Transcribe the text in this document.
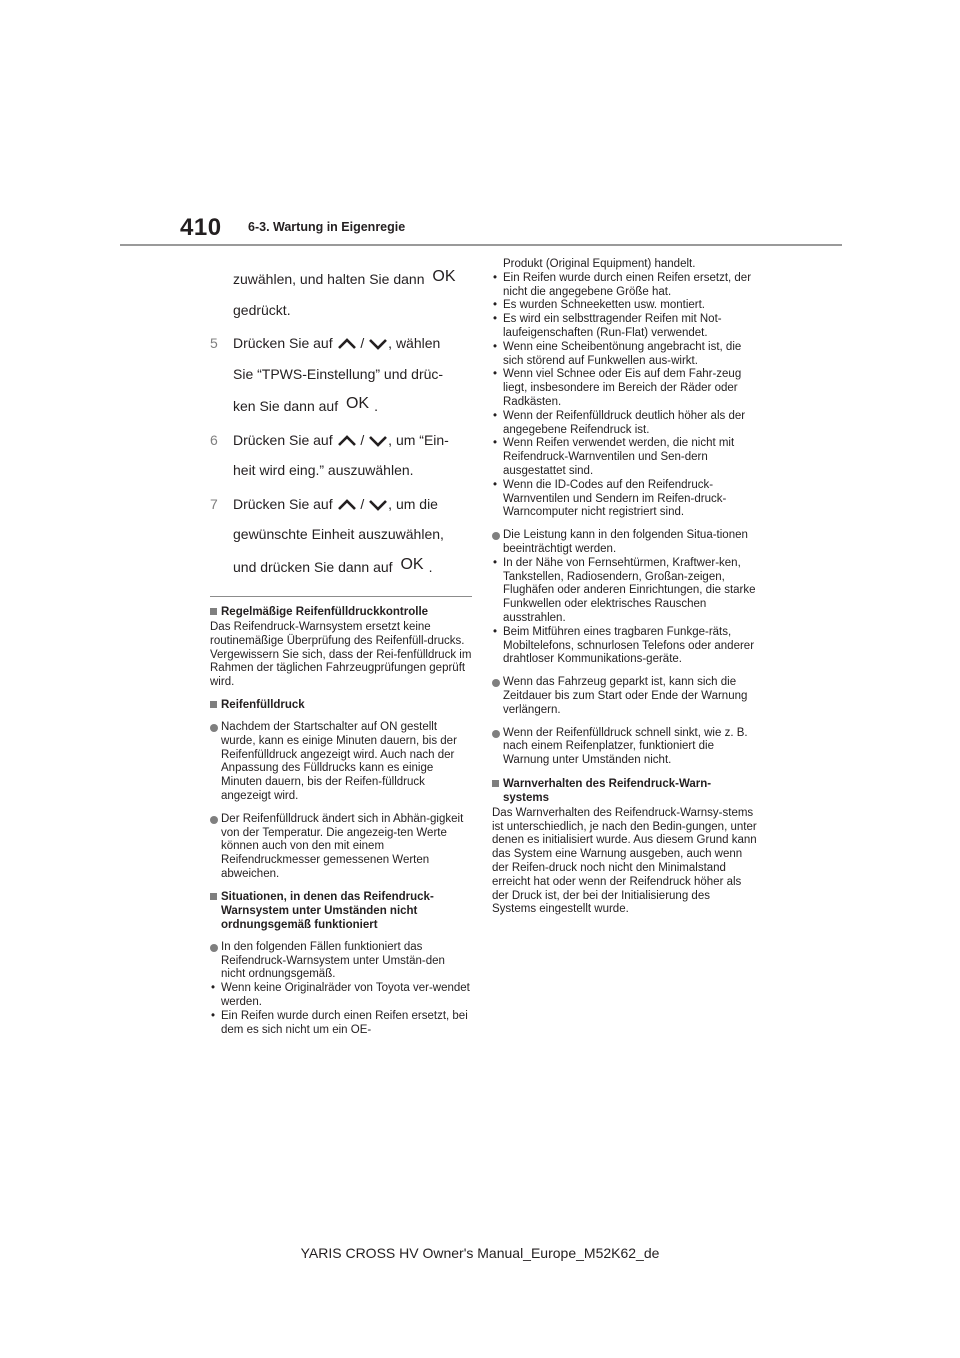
410 6-3. Wartung in Eigenregie

zuwählen, und halten Sie dann OK

gedrückt.

5 Drücken Sie auf / , wählen

Sie “TPWS-Einstellung” und drüc-

ken Sie dann auf OK .

6 Drücken Sie auf / , um “Ein-

heit wird eing.” auszuwählen.

7 Drücken Sie auf / , um die

gewünschte Einheit auszuwählen,

und drücken Sie dann auf OK .

Regelmäßige Reifenfülldruckkontrolle
Das Reifendruck-Warnsystem ersetzt keine routinemäßige Überprüfung des Reifenfüll-drucks. Vergewissern Sie sich, dass der Rei-fenfülldruck im Rahmen der täglichen Fahrzeugprüfungen geprüft wird.
Reifenfülldruck
Nachdem der Startschalter auf ON gestellt wurde, kann es einige Minuten dauern, bis der Reifenfülldruck angezeigt wird. Auch nach der Anpassung des Fülldrucks kann es einige Minuten dauern, bis der Reifen-fülldruck angezeigt wird.
Der Reifenfülldruck ändert sich in Abhän-gigkeit von der Temperatur. Die angezeig-ten Werte können auch von den mit einem Reifendruckmesser gemessenen Werten abweichen.
Situationen, in denen das Reifendruck-Warnsystem unter Umständen nicht ordnungsgemäß funktioniert
In den folgenden Fällen funktioniert das Reifendruck-Warnsystem unter Umstän-den nicht ordnungsgemäß.
• Wenn keine Originalräder von Toyota ver-wendet werden.
• Ein Reifen wurde durch einen Reifen ersetzt, bei dem es sich nicht um ein OE-
Produkt (Original Equipment) handelt.
• Ein Reifen wurde durch einen Reifen ersetzt, der nicht die angegebene Größe hat.
• Es wurden Schneeketten usw. montiert.
• Es wird ein selbsttragender Reifen mit Not-laufeigenschaften (Run-Flat) verwendet.
• Wenn eine Scheibentönung angebracht ist, die sich störend auf Funkwellen aus-wirkt.
• Wenn viel Schnee oder Eis auf dem Fahr-zeug liegt, insbesondere im Bereich der Räder oder Radkästen.
• Wenn der Reifenfülldruck deutlich höher als der angegebene Reifendruck ist.
• Wenn Reifen verwendet werden, die nicht mit Reifendruck-Warnventilen und Sen-dern ausgestattet sind.
• Wenn die ID-Codes auf den Reifendruck-Warnventilen und Sendern im Reifen-druck-Warncomputer nicht registriert sind.
Die Leistung kann in den folgenden Situa-tionen beeinträchtigt werden.
• In der Nähe von Fernsehtürmen, Kraftwer-ken, Tankstellen, Radiosendern, Großan-zeigen, Flughäfen oder anderen Einrichtungen, die starke Funkwellen oder elektrisches Rauschen ausstrahlen.
• Beim Mitführen eines tragbaren Funkge-räts, Mobiltelefons, schnurlosen Telefons oder anderer drahtloser Kommunikations-geräte.
Wenn das Fahrzeug geparkt ist, kann sich die Zeitdauer bis zum Start oder Ende der Warnung verlängern.
Wenn der Reifenfülldruck schnell sinkt, wie z. B. nach einem Reifenplatzer, funktioniert die Warnung unter Umständen nicht.
Warnverhalten des Reifendruck-Warn-systems
Das Warnverhalten des Reifendruck-Warnsy-stems ist unterschiedlich, je nach den Bedin-gungen, unter denen es initialisiert wurde. Aus diesem Grund kann das System eine Warnung ausgeben, auch wenn der Reifen-druck noch nicht den Minimalstand erreicht hat oder wenn der Reifendruck höher als der Druck ist, der bei der Initialisierung des Systems eingestellt wurde.
YARIS CROSS HV Owner's Manual_Europe_M52K62_de
